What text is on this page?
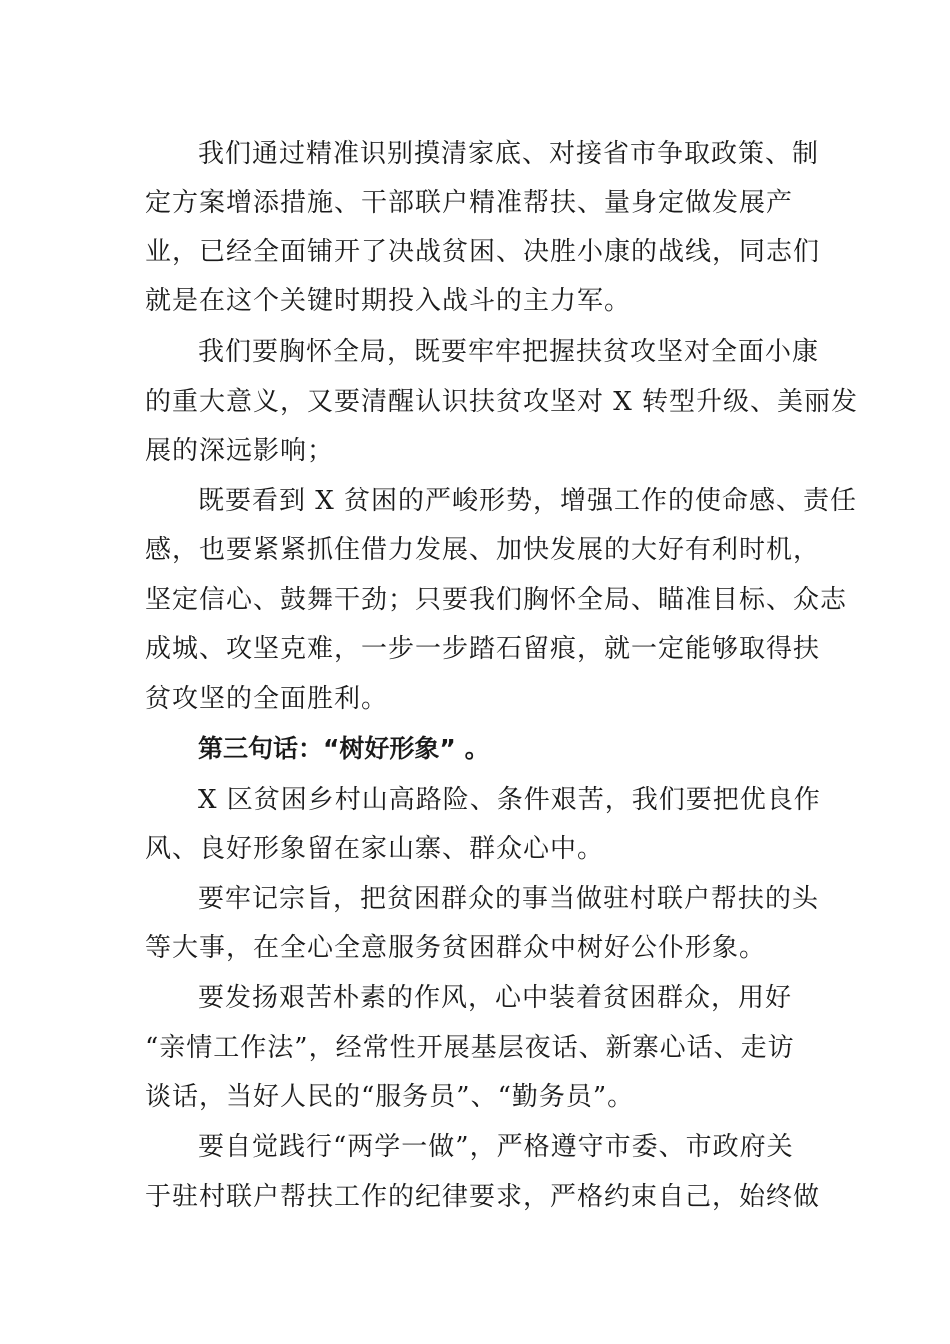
我们通过精准识别摸清家底、对接省市争取政策、制
定方案增添措施、干部联户精准帮扶、量身定做发展产
业，已经全面铺开了决战贫困、决胜小康的战线，同志们
就是在这个关键时期投入战斗的主力军。
我们要胸怀全局，既要牢牢把握扶贫攻坚对全面小康
的重大意义，又要清醒认识扶贫攻坚对 X 转型升级、美丽发
展的深远影响；
既要看到 X 贫困的严峻形势，增强工作的使命感、责任
感，也要紧紧抓住借力发展、加快发展的大好有利时机，
坚定信心、鼓舞干劲；只要我们胸怀全局、瞄准目标、众志
成城、攻坚克难，一步一步踏石留痕，就一定能够取得扶
贫攻坚的全面胜利。
第三句话：“树好形象” 。
X 区贫困乡村山高路险、条件艰苦，我们要把优良作
风、良好形象留在家山寨、群众心中。
要牢记宗旨，把贫困群众的事当做驻村联户帮扶的头
等大事，在全心全意服务贫困群众中树好公仆形象。
要发扬艰苦朴素的作风，心中装着贫困群众，用好
“亲情工作法”，经常性开展基层夜话、新寨心话、走访
谈话，当好人民的“服务员”、“勤务员”。
要自觉践行“两学一做”，严格遵守市委、市政府关
于驻村联户帮扶工作的纪律要求，严格约束自己，始终做
